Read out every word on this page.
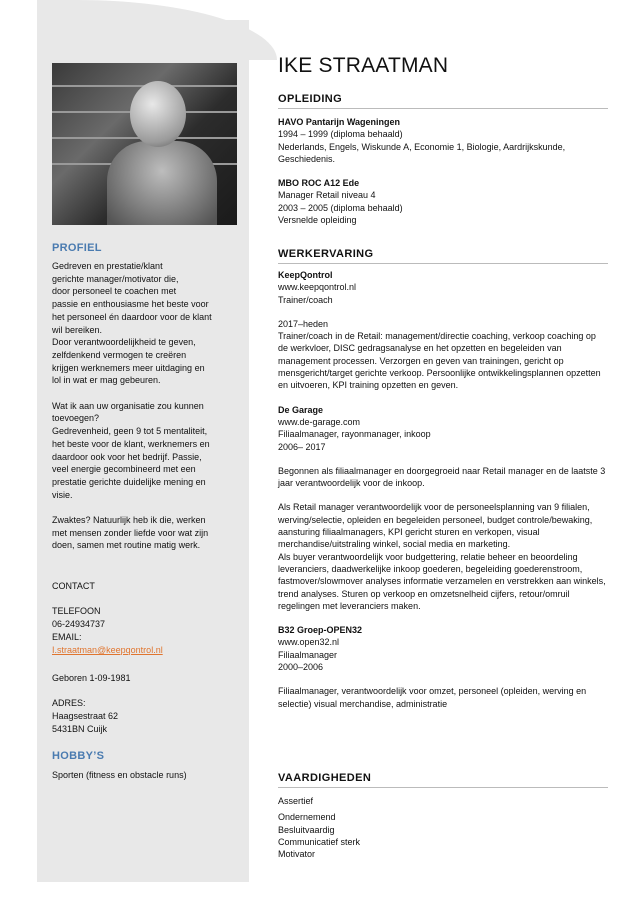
PROFIEL
Gedreven en prestatie/klant
gerichte manager/motivator die,
door personeel te coachen met
passie en enthousiasme het beste voor
het personeel én daardoor voor de klant
wil bereiken.
Door verantwoordelijkheid te geven,
zelfdenkend vermogen te creëren
krijgen werknemers meer uitdaging en
lol in wat er mag gebeuren.

Wat ik aan uw organisatie zou kunnen
toevoegen?
Gedrevenheid, geen 9 tot 5 mentaliteit,
het beste voor de klant, werknemers en
daardoor ook voor het bedrijf. Passie,
veel energie gecombineerd met een
prestatie gerichte duidelijke mening en
visie.

Zwaktes? Natuurlijk heb ik die, werken
met mensen zonder liefde voor wat zijn
doen, samen met routine matig werk.
CONTACT
TELEFOON
06-24934737
EMAIL:
I.straatman@keepqontrol.nl
Geboren 1-09-1981
ADRES:
Haagsestraat 62
5431BN Cuijk
HOBBY’S
Sporten (fitness en obstacle runs)
IKE STRAATMAN
OPLEIDING

HAVO Pantarijn Wageningen

1994 – 1999 (diploma behaald)

Nederlands, Engels, Wiskunde A, Economie 1, Biologie, Aardrijkskunde, Geschiedenis.

MBO ROC A12 Ede

Manager Retail niveau 4

2003 – 2005 (diploma behaald)

Versnelde opleiding

WERKERVARING

KeepQontrol

www.keepqontrol.nl

Trainer/coach

2017–heden

Trainer/coach in de Retail: management/directie coaching, verkoop coaching op de werkvloer, DISC gedragsanalyse en het opzetten en begeleiden van management processen. Verzorgen en geven van trainingen, gericht op mensgericht/target gerichte verkoop. Persoonlijke ontwikkelingsplannen opzetten en uitvoeren, KPI training opzetten en geven.

De Garage

www.de-garage.com

Filiaalmanager, rayonmanager, inkoop

2006– 2017

Begonnen als filiaalmanager en doorgegroeid naar Retail manager en de laatste 3 jaar verantwoordelijk voor de inkoop.

Als Retail manager verantwoordelijk voor de personeelsplanning van 9 filialen, werving/selectie, opleiden en begeleiden personeel, budget controle/bewaking, aansturing filiaalmanagers, KPI gericht sturen en verkopen, visual merchandise/uitstraling winkel, social media en marketing.

Als buyer verantwoordelijk voor budgettering, relatie beheer en beoordeling leveranciers, daadwerkelijke inkoop goederen, begeleiding goederenstroom, fastmover/slowmover analyses informatie verzamelen en verstrekken aan winkels, trend analyses. Sturen op verkoop en omzetsnelheid cijfers, retour/omruil regelingen met leveranciers maken.

B32 Groep-OPEN32

www.open32.nl

Filiaalmanager

2000–2006

Filiaalmanager, verantwoordelijk voor omzet, personeel (opleiden, werving en selectie) visual merchandise, administratie

VAARDIGHEDEN
Assertief
Ondernemend
Besluitvaardig
Communicatief sterk
Motivator
